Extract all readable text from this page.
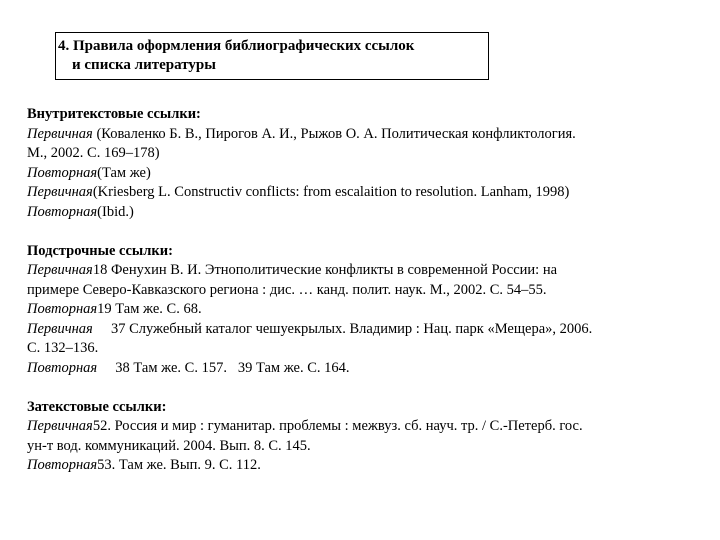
4. Правила оформления библиографических ссылок
и списка литературы
Внутритекстовые ссылки:
Первичная (Коваленко Б. В., Пирогов А. И., Рыжов О. А. Политическая конфликтология.
М., 2002. С. 169–178)
Повторная(Там же)
Первичная(Kriesberg L. Constructiv conflicts: from escalaition to resolution. Lanham, 1998)
Повторная(Ibid.)
Подстрочные ссылки:
Первичная18 Фенухин В. И. Этнополитические конфликты в современной России: на
примере Северо-Кавказского региона : дис. … канд. полит. наук. М., 2002. С. 54–55.
Повторная19 Там же. С. 68.
Первичная     37 Служебный каталог чешуекрылых. Владимир : Нац. парк «Мещера», 2006.
С. 132–136.
Повторная     38 Там же. С. 157.   39 Там же. С. 164.
Затекстовые ссылки:
Первичная52. Россия и мир : гуманитар. проблемы : межвуз. сб. науч. тр. / С.-Петерб. гос.
ун-т вод. коммуникаций. 2004. Вып. 8. С. 145.
Повторная53. Там же. Вып. 9. С. 112.
